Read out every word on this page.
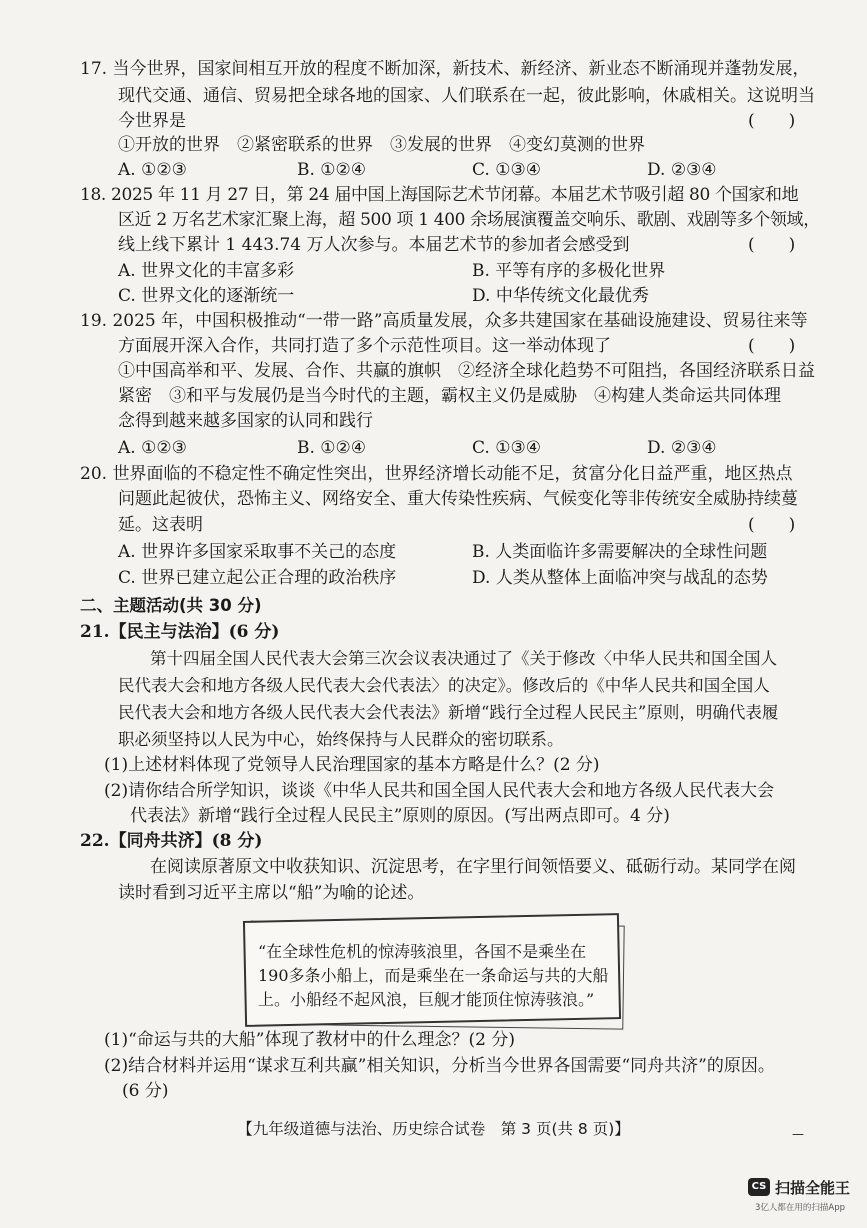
17. 当今世界，国家间相互开放的程度不断加深，新技术、新经济、新业态不断涌现并蓬勃发展，
现代交通、通信、贸易把全球各地的国家、人们联系在一起，彼此影响，休戚相关。这说明当
今世界是	(　　)
①开放的世界　②紧密联系的世界　③发展的世界　④变幻莫测的世界
A. ①②③	B. ①②④	C. ①③④	D. ②③④
18. 2025 年 11 月 27 日，第 24 届中国上海国际艺术节闭幕。本届艺术节吸引超 80 个国家和地
区近 2 万名艺术家汇聚上海，超 500 项 1 400 余场展演覆盖交响乐、歌剧、戏剧等多个领域，
线上线下累计 1 443.74 万人次参与。本届艺术节的参加者会感受到	(　　)
A. 世界文化的丰富多彩	B. 平等有序的多极化世界
C. 世界文化的逐渐统一	D. 中华传统文化最优秀
19. 2025 年，中国积极推动“一带一路”高质量发展，众多共建国家在基础设施建设、贸易往来等
方面展开深入合作，共同打造了多个示范性项目。这一举动体现了	(　　)
①中国高举和平、发展、合作、共赢的旗帜　②经济全球化趋势不可阻挡，各国经济联系日益
紧密　③和平与发展仍是当今时代的主题，霸权主义仍是威胁　④构建人类命运共同体理
念得到越来越多国家的认同和践行
A. ①②③	B. ①②④	C. ①③④	D. ②③④
20. 世界面临的不稳定性不确定性突出，世界经济增长动能不足，贫富分化日益严重，地区热点
问题此起彼伏，恐怖主义、网络安全、重大传染性疾病、气候变化等非传统安全威胁持续蔓
延。这表明	(　　)
A. 世界许多国家采取事不关己的态度	B. 人类面临许多需要解决的全球性问题
C. 世界已建立起公正合理的政治秩序	D. 人类从整体上面临冲突与战乱的态势
二、主题活动(共 30 分)
21.【民主与法治】(6 分)
第十四届全国人民代表大会第三次会议表决通过了《关于修改〈中华人民共和国全国人
民代表大会和地方各级人民代表大会代表法〉的决定》。修改后的《中华人民共和国全国人
民代表大会和地方各级人民代表大会代表法》新增“践行全过程人民民主”原则，明确代表履
职必须坚持以人民为中心，始终保持与人民群众的密切联系。
(1)上述材料体现了党领导人民治理国家的基本方略是什么？(2 分)
(2)请你结合所学知识，谈谈《中华人民共和国全国人民代表大会和地方各级人民代表大会
代表法》新增“践行全过程人民民主”原则的原因。(写出两点即可。4 分)
22.【同舟共济】(8 分)
在阅读原著原文中收获知识、沉淀思考，在字里行间领悟要义、砥砺行动。某同学在阅
读时看到习近平主席以“船”为喻的论述。
“在全球性危机的惊涛骇浪里，各国不是乘坐在190多条小船上，而是乘坐在一条命运与共的大船上。小船经不起风浪，巨舰才能顶住惊涛骇浪。”
(1)“命运与共的大船”体现了教材中的什么理念？(2 分)
(2)结合材料并运用“谋求互利共赢”相关知识，分析当今世界各国需要“同舟共济”的原因。
(6 分)
【九年级道德与法治、历史综合试卷　第 3 页(共 8 页)】	—
CS 扫描全能王
3亿人都在用的扫描App
